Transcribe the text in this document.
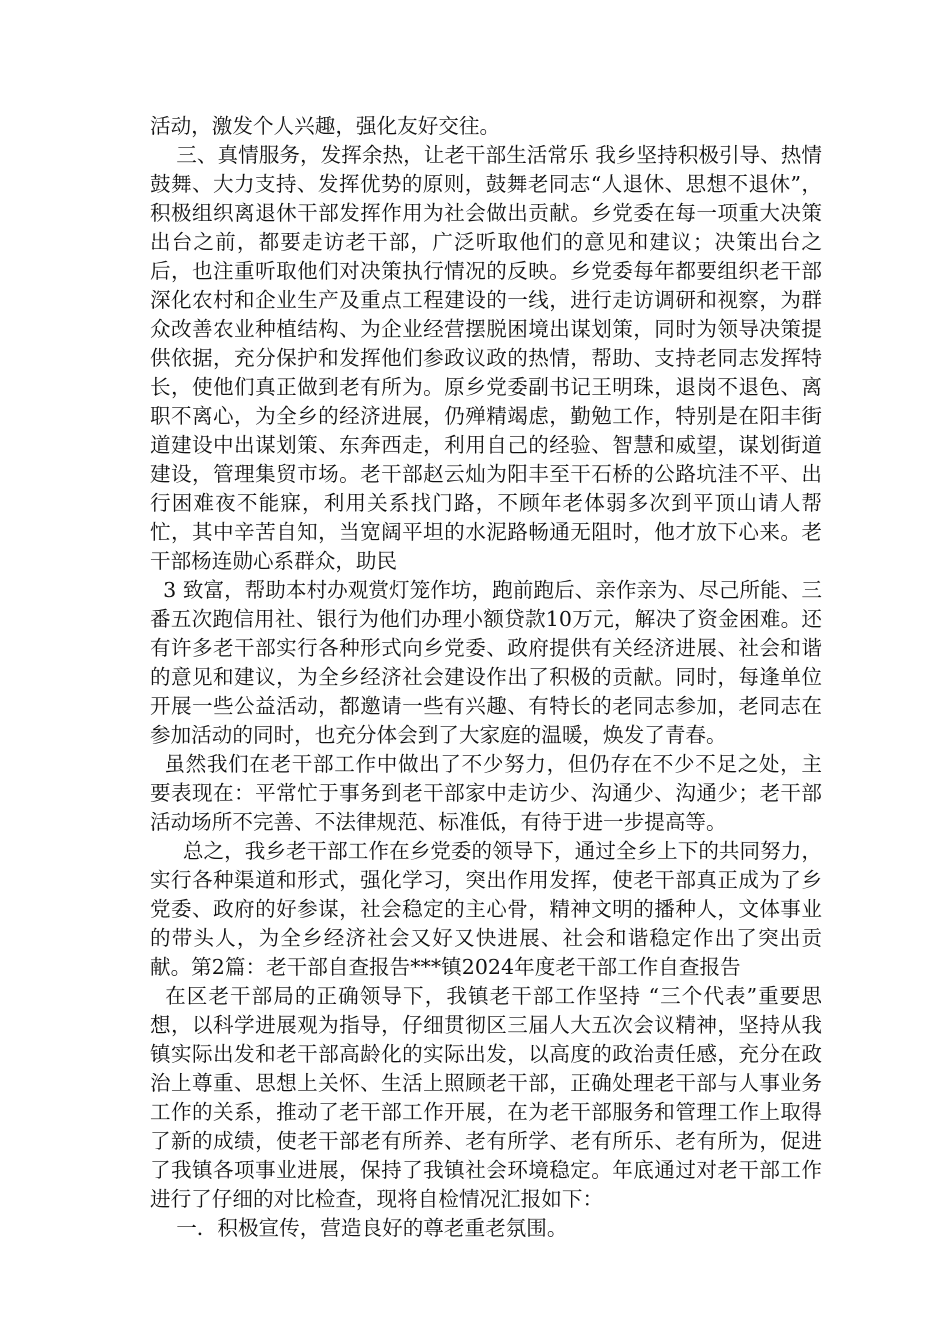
活动，激发个人兴趣，强化友好交往。

三、真情服务，发挥余热，让老干部生活常乐 我乡坚持积极引导、热情鼓舞、大力支持、发挥优势的原则，鼓舞老同志“人退休、思想不退休”，积极组织离退休干部发挥作用为社会做出贡献。乡党委在每一项重大决策出台之前，都要走访老干部，广泛听取他们的意见和建议；决策出台之后，也注重听取他们对决策执行情况的反映。乡党委每年都要组织老干部深化农村和企业生产及重点工程建设的一线，进行走访调研和视察，为群众改善农业种植结构、为企业经营摆脱困境出谋划策，同时为领导决策提供依据，充分保护和发挥他们参政议政的热情，帮助、支持老同志发挥特长，使他们真正做到老有所为。原乡党委副书记王明珠，退岗不退色、离职不离心，为全乡的经济进展，仍殚精竭虑，勤勉工作，特别是在阳丰街道建设中出谋划策、东奔西走，利用自己的经验、智慧和威望，谋划街道建设，管理集贸市场。老干部赵云灿为阳丰至干石桥的公路坑洼不平、出行困难夜不能寐，利用关系找门路，不顾年老体弱多次到平顶山请人帮忙，其中辛苦自知，当宽阔平坦的水泥路畅通无阻时，他才放下心来。老干部杨连勋心系群众，助民

3 致富，帮助本村办观赏灯笼作坊，跑前跑后、亲作亲为、尽己所能、三番五次跑信用社、银行为他们办理小额贷款10万元，解决了资金困难。还有许多老干部实行各种形式向乡党委、政府提供有关经济进展、社会和谐的意见和建议，为全乡经济社会建设作出了积极的贡献。同时，每逢单位开展一些公益活动，都邀请一些有兴趣、有特长的老同志参加，老同志在参加活动的同时，也充分体会到了大家庭的温暖，焕发了青春。

虽然我们在老干部工作中做出了不少努力，但仍存在不少不足之处，主要表现在：平常忙于事务到老干部家中走访少、沟通少、沟通少；老干部活动场所不完善、不法律规范、标准低，有待于进一步提高等。

总之，我乡老干部工作在乡党委的领导下，通过全乡上下的共同努力，实行各种渠道和形式，强化学习，突出作用发挥，使老干部真正成为了乡党委、政府的好参谋，社会稳定的主心骨，精神文明的播种人，文体事业的带头人，为全乡经济社会又好又快进展、社会和谐稳定作出了突出贡献。第2篇：老干部自查报告***镇2024年度老干部工作自查报告

在区老干部局的正确领导下，我镇老干部工作坚持 “三个代表”重要思想，以科学进展观为指导，仔细贯彻区三届人大五次会议精神，坚持从我镇实际出发和老干部高龄化的实际出发，以高度的政治责任感，充分在政治上尊重、思想上关怀、生活上照顾老干部，正确处理老干部与人事业务工作的关系，推动了老干部工作开展，在为老干部服务和管理工作上取得了新的成绩，使老干部老有所养、老有所学、老有所乐、老有所为，促进了我镇各项事业进展，保持了我镇社会环境稳定。年底通过对老干部工作进行了仔细的对比检查，现将自检情况汇报如下：

一．积极宣传，营造良好的尊老重老氛围。
